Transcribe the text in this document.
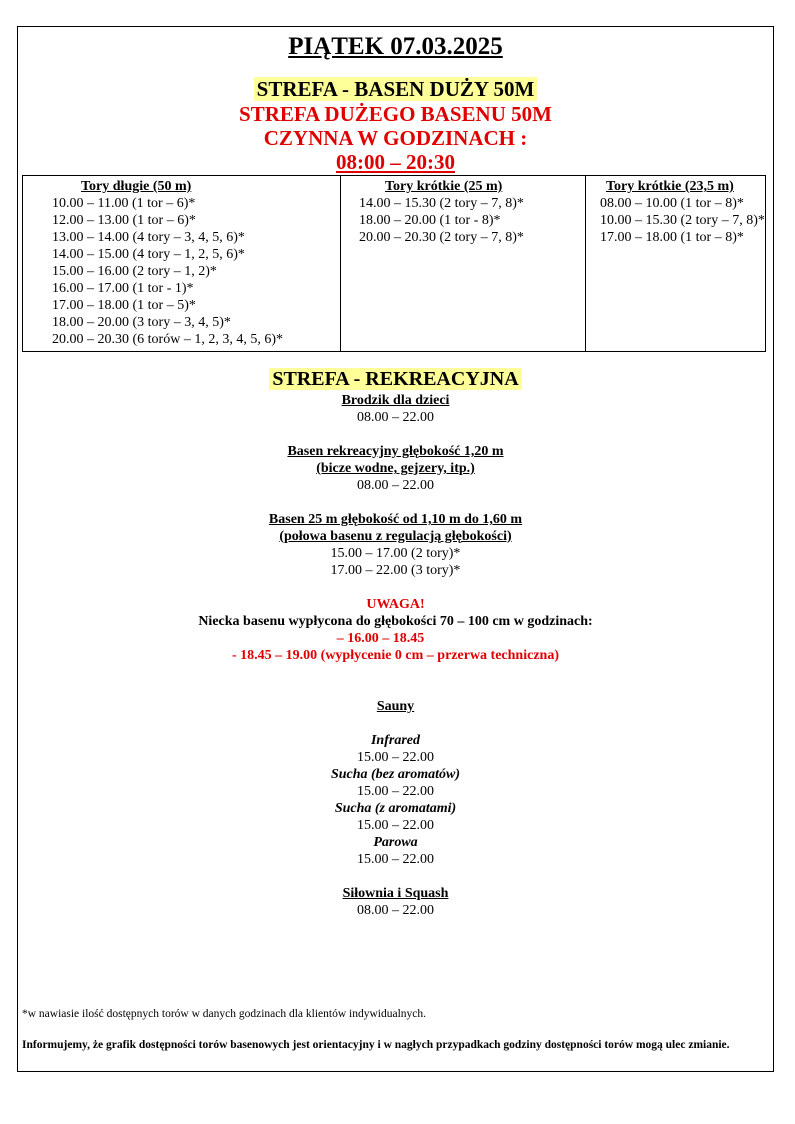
PIĄTEK 07.03.2025
STREFA - BASEN DUŻY 50M
STREFA DUŻEGO BASENU 50M
CZYNNA W GODZINACH :
08:00 – 20:30
Tory długie (50 m)
10.00 – 11.00 (1 tor – 6)*
12.00 – 13.00 (1 tor – 6)*
13.00 – 14.00 (4 tory – 3, 4, 5, 6)*
14.00 – 15.00 (4 tory – 1, 2, 5, 6)*
15.00 – 16.00 (2 tory – 1, 2)*
16.00 – 17.00 (1 tor - 1)*
17.00 – 18.00 (1 tor – 5)*
18.00 – 20.00 (3 tory – 3, 4, 5)*
20.00 – 20.30 (6 torów – 1, 2, 3, 4, 5, 6)*

Tory krótkie (25 m)
14.00 – 15.30 (2 tory – 7, 8)*
18.00 – 20.00 (1 tor - 8)*
20.00 – 20.30 (2 tory – 7, 8)*

Tory krótkie (23,5 m)
08.00 – 10.00 (1 tor – 8)*
10.00 – 15.30 (2 tory – 7, 8)*
17.00 – 18.00 (1 tor – 8)*
STREFA - REKREACYJNA
Brodzik dla dzieci
08.00 – 22.00
Basen rekreacyjny głębokość 1,20 m
(bicze wodne, gejzery, itp.)
08.00 – 22.00
Basen 25 m głębokość od 1,10 m do 1,60 m
(połowa basenu z regulacją głębokości)
15.00 – 17.00 (2 tory)*
17.00 – 22.00 (3 tory)*
UWAGA!
Niecka basenu wypłycona do głębokości 70 – 100 cm w godzinach:
– 16.00 – 18.45
- 18.45 – 19.00 (wypłycenie 0 cm – przerwa techniczna)
Sauny
Infrared
15.00 – 22.00
Sucha (bez aromatów)
15.00 – 22.00
Sucha (z aromatami)
15.00 – 22.00
Parowa
15.00 – 22.00
Siłownia i Squash
08.00 – 22.00
*w nawiasie ilość dostępnych torów w danych godzinach dla klientów indywidualnych.
Informujemy, że grafik dostępności torów basenowych jest orientacyjny i w nagłych przypadkach godziny dostępności torów mogą ulec zmianie.
